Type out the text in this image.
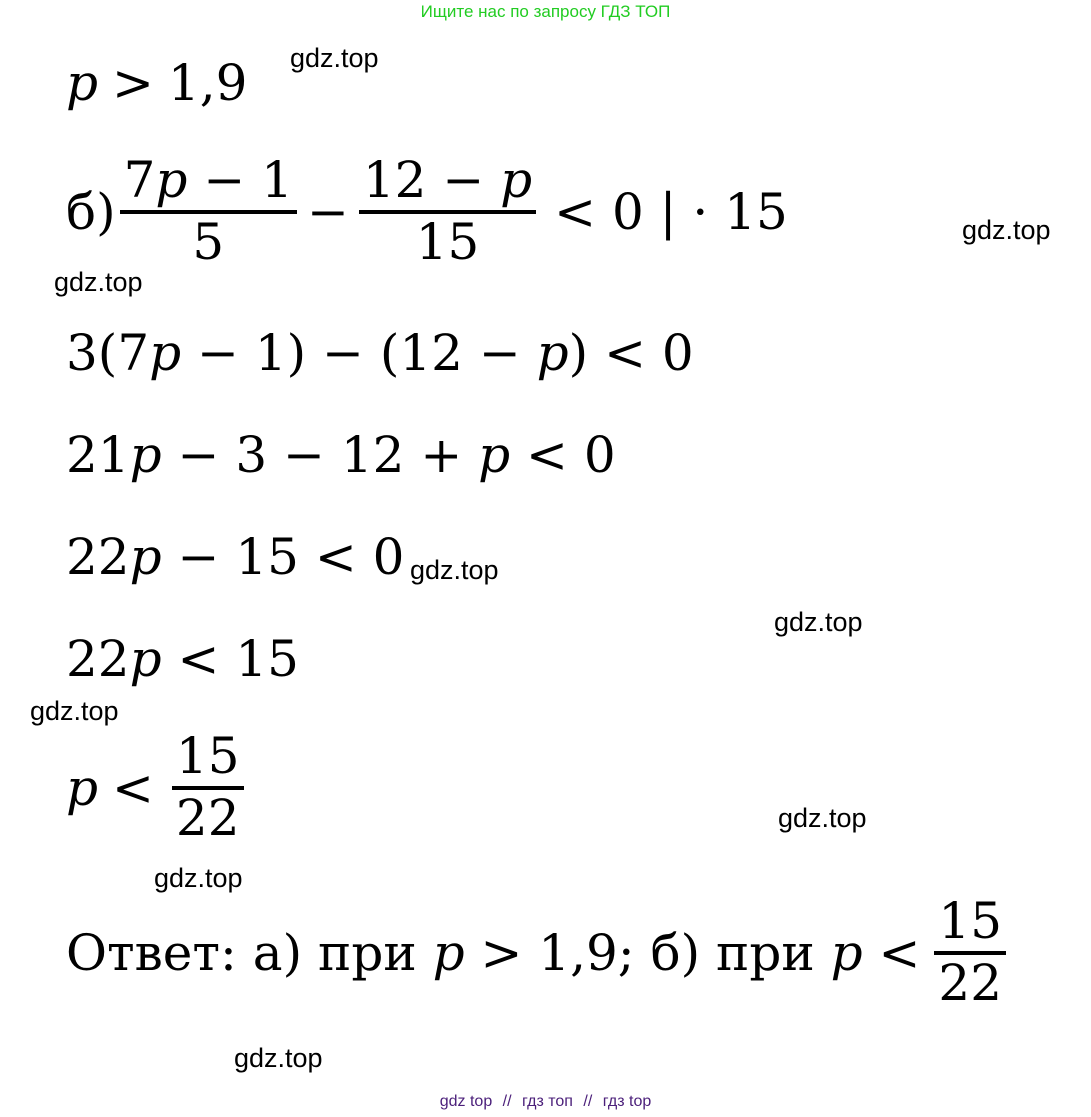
Ищите нас по запросу ГДЗ ТОП
gdz.top
gdz.top
gdz.top
gdz.top
gdz.top
gdz.top
gdz.top
gdz.top
gdz.top
p > 1,9
$б) \frac{7p - 1}{5} - \frac{12 - p}{15} < 0$ | · 15
3(7 p − 1) − (12 − p ) < 0
21 p − 3 − 12 + p < 0
22 p − 15 < 0
22 p < 15
$p < \frac{15}{22}$
Ответ: а) при p > 1,9; б) при $p < \frac{15}{22}$
gdz top // гдз топ // гдз top
